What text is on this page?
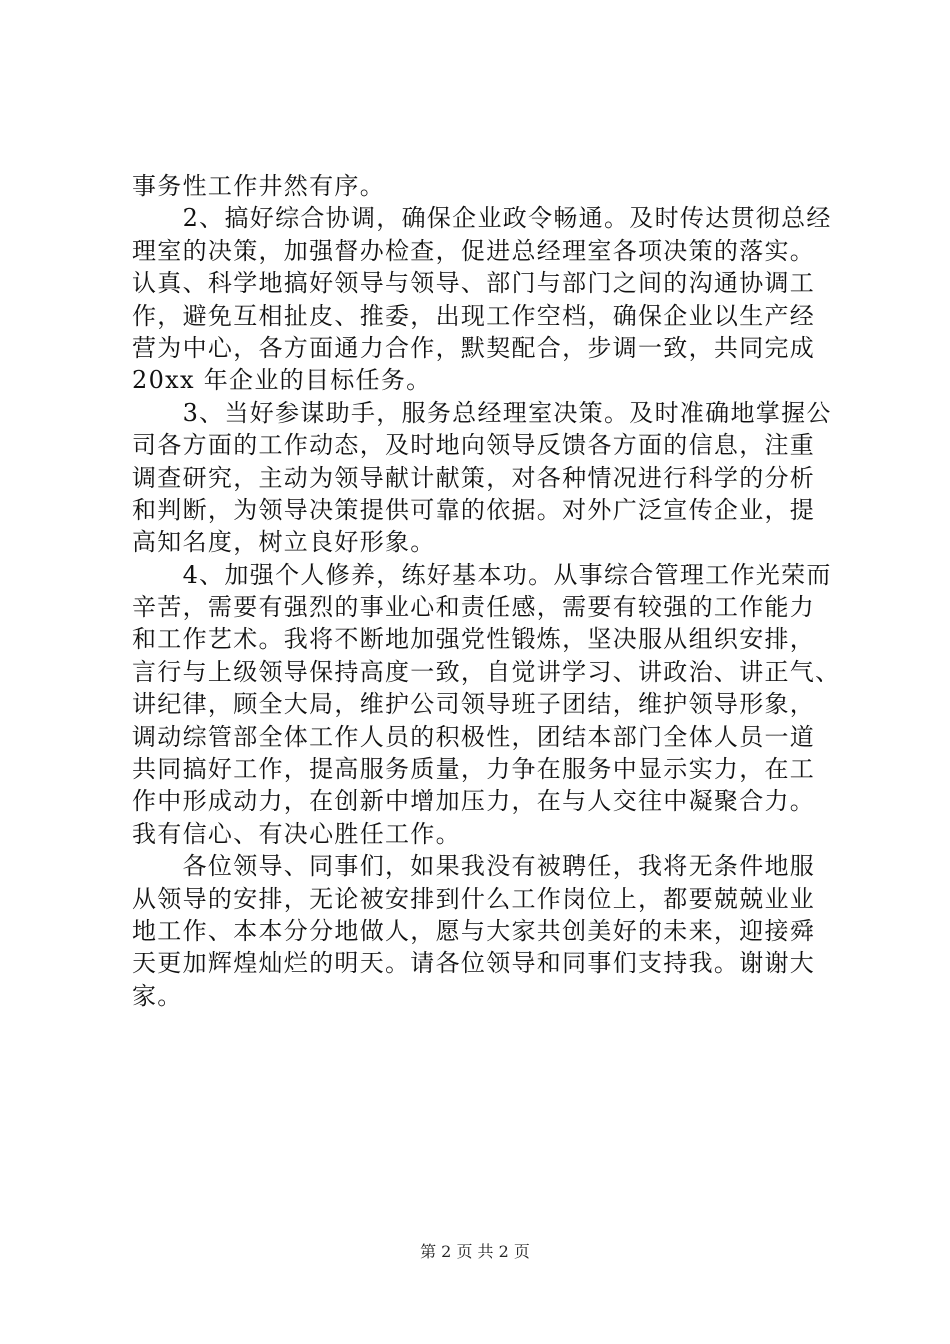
事务性工作井然有序。
　　2、搞好综合协调，确保企业政令畅通。及时传达贯彻总经
理室的决策，加强督办检查，促进总经理室各项决策的落实。
认真、科学地搞好领导与领导、部门与部门之间的沟通协调工
作，避免互相扯皮、推委，出现工作空档，确保企业以生产经
营为中心，各方面通力合作，默契配合，步调一致，共同完成
20xx 年企业的目标任务。
　　3、当好参谋助手，服务总经理室决策。及时准确地掌握公
司各方面的工作动态，及时地向领导反馈各方面的信息，注重
调查研究，主动为领导献计献策，对各种情况进行科学的分析
和判断，为领导决策提供可靠的依据。对外广泛宣传企业，提
高知名度，树立良好形象。
　　4、加强个人修养，练好基本功。从事综合管理工作光荣而
辛苦，需要有强烈的事业心和责任感，需要有较强的工作能力
和工作艺术。我将不断地加强党性锻炼，坚决服从组织安排，
言行与上级领导保持高度一致，自觉讲学习、讲政治、讲正气、
讲纪律，顾全大局，维护公司领导班子团结，维护领导形象，
调动综管部全体工作人员的积极性，团结本部门全体人员一道
共同搞好工作，提高服务质量，力争在服务中显示实力，在工
作中形成动力，在创新中增加压力，在与人交往中凝聚合力。
我有信心、有决心胜任工作。
　　各位领导、同事们，如果我没有被聘任，我将无条件地服
从领导的安排，无论被安排到什么工作岗位上，都要兢兢业业
地工作、本本分分地做人，愿与大家共创美好的未来，迎接舜
天更加辉煌灿烂的明天。请各位领导和同事们支持我。谢谢大
家。
第 2 页 共 2 页
